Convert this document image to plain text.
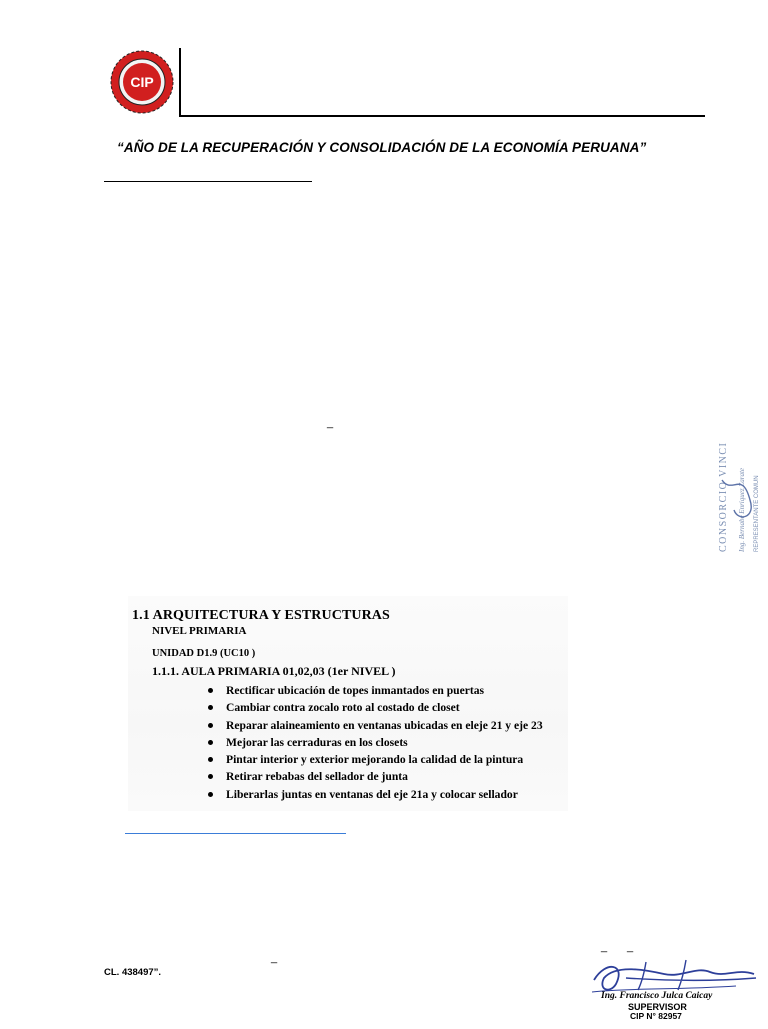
CIP
“AÑO DE LA RECUPERACIÓN Y CONSOLIDACIÓN DE LA ECONOMÍA PERUANA”
_
CONSORCIO VINCI Ing. Bernabe Enriquez Zarate REPRESENTANTE COMUN
1.1 ARQUITECTURA Y ESTRUCTURAS
NIVEL PRIMARIA
UNIDAD D1.9 (UC10 )
1.1.1. AULA PRIMARIA 01,02,03 (1er NIVEL )
Rectificar ubicación de topes inmantados en puertas
Cambiar contra zocalo roto al costado de closet
Reparar alaineamiento en ventanas ubicadas en eleje 21 y eje 23
Mejorar las cerraduras en los closets
Pintar interior y exterior mejorando la calidad de la pintura
Retirar rebabas del sellador de junta
Liberarlas juntas en ventanas del eje 21a y colocar sellador
_
_ _
CL. 438497”.
Ing. Francisco Julca Caicay
SUPERVISOR
CIP N° 82957
